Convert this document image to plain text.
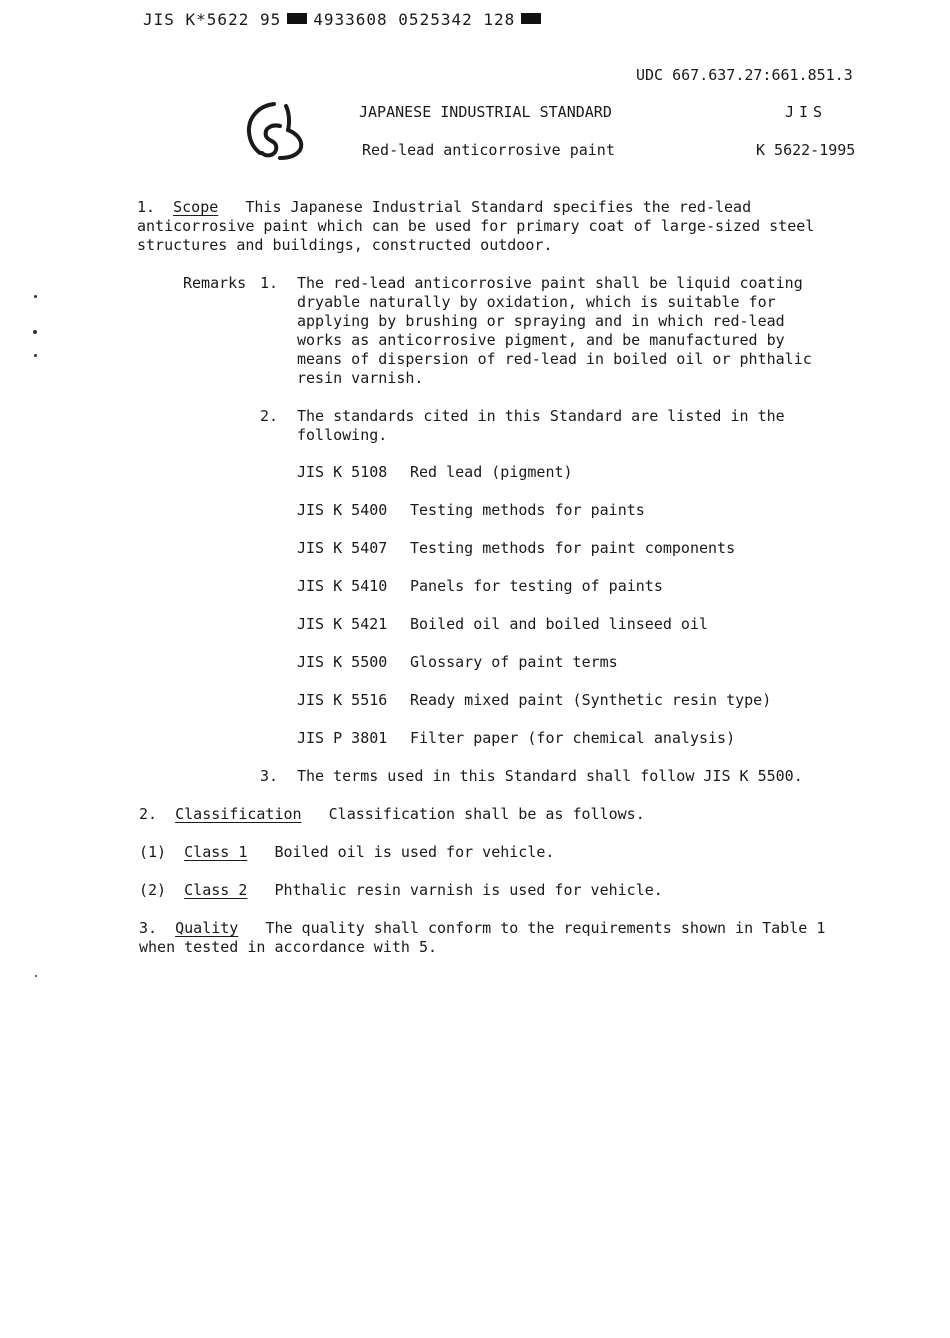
JIS K*5622 95 4933608 0525342 128
UDC 667.637.27:661.851.3
JAPANESE INDUSTRIAL STANDARD	JIS
Red-lead anticorrosive paint	K 5622-1995
1. Scope This Japanese Industrial Standard specifies the red-lead anticorrosive paint which can be used for primary coat of large-sized steel structures and buildings, constructed outdoor.
Remarks 1. The red-lead anticorrosive paint shall be liquid coating dryable naturally by oxidation, which is suitable for applying by brushing or spraying and in which red-lead works as anticorrosive pigment, and be manufactured by means of dispersion of red-lead in boiled oil or phthalic resin varnish.
2. The standards cited in this Standard are listed in the following.
JIS K 5108 Red lead (pigment)
JIS K 5400 Testing methods for paints
JIS K 5407 Testing methods for paint components
JIS K 5410 Panels for testing of paints
JIS K 5421 Boiled oil and boiled linseed oil
JIS K 5500 Glossary of paint terms
JIS K 5516 Ready mixed paint (Synthetic resin type)
JIS P 3801 Filter paper (for chemical analysis)
3. The terms used in this Standard shall follow JIS K 5500.
2. Classification Classification shall be as follows.
(1) Class 1 Boiled oil is used for vehicle.
(2) Class 2 Phthalic resin varnish is used for vehicle.
3. Quality The quality shall conform to the requirements shown in Table 1 when tested in accordance with 5.
